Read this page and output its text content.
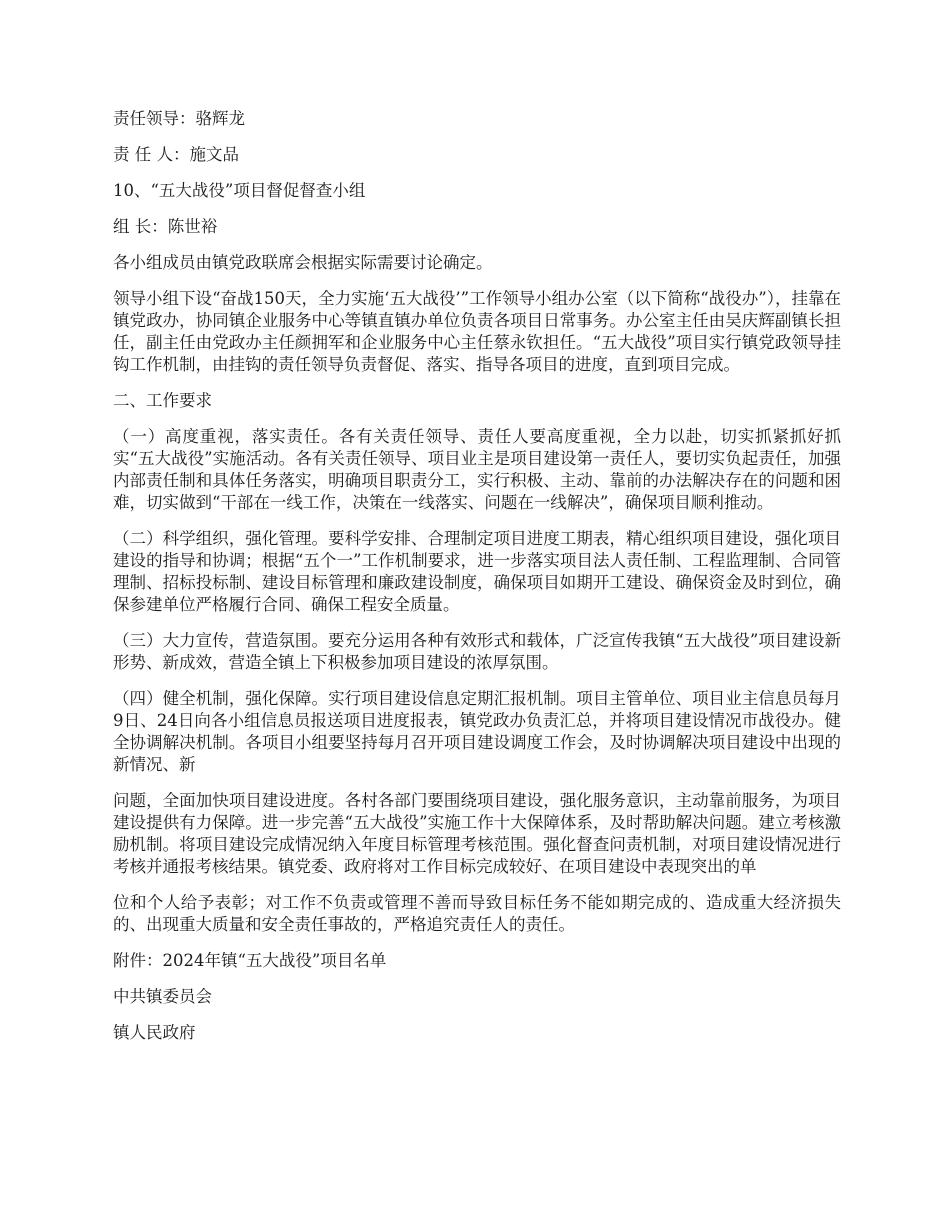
责任领导：骆辉龙

责 任 人：施文品

10、“五大战役”项目督促督查小组

组 长：陈世裕

各小组成员由镇党政联席会根据实际需要讨论确定。

领导小组下设“奋战150天，全力实施‘五大战役’”工作领导小组办公室（以下简称“战役办”），挂靠在镇党政办，协同镇企业服务中心等镇直镇办单位负责各项目日常事务。办公室主任由吴庆辉副镇长担任，副主任由党政办主任颜拥军和企业服务中心主任蔡永钦担任。“五大战役”项目实行镇党政领导挂钩工作机制，由挂钩的责任领导负责督促、落实、指导各项目的进度，直到项目完成。

二、工作要求

（一）高度重视，落实责任。各有关责任领导、责任人要高度重视，全力以赴，切实抓紧抓好抓实“五大战役”实施活动。各有关责任领导、项目业主是项目建设第一责任人，要切实负起责任，加强内部责任制和具体任务落实，明确项目职责分工，实行积极、主动、靠前的办法解决存在的问题和困难，切实做到“干部在一线工作，决策在一线落实、问题在一线解决”，确保项目顺利推动。

（二）科学组织，强化管理。要科学安排、合理制定项目进度工期表，精心组织项目建设，强化项目建设的指导和协调；根据“五个一”工作机制要求，进一步落实项目法人责任制、工程监理制、合同管理制、招标投标制、建设目标管理和廉政建设制度，确保项目如期开工建设、确保资金及时到位，确保参建单位严格履行合同、确保工程安全质量。

（三）大力宣传，营造氛围。要充分运用各种有效形式和载体，广泛宣传我镇“五大战役”项目建设新形势、新成效，营造全镇上下积极参加项目建设的浓厚氛围。

（四）健全机制，强化保障。实行项目建设信息定期汇报机制。项目主管单位、项目业主信息员每月9日、24日向各小组信息员报送项目进度报表，镇党政办负责汇总，并将项目建设情况市战役办。健全协调解决机制。各项目小组要坚持每月召开项目建设调度工作会，及时协调解决项目建设中出现的新情况、新

问题，全面加快项目建设进度。各村各部门要围绕项目建设，强化服务意识，主动靠前服务，为项目建设提供有力保障。进一步完善“五大战役”实施工作十大保障体系，及时帮助解决问题。建立考核激励机制。将项目建设完成情况纳入年度目标管理考核范围。强化督查问责机制，对项目建设情况进行考核并通报考核结果。镇党委、政府将对工作目标完成较好、在项目建设中表现突出的单

位和个人给予表彰；对工作不负责或管理不善而导致目标任务不能如期完成的、造成重大经济损失的、出现重大质量和安全责任事故的，严格追究责任人的责任。

附件：2024年镇“五大战役”项目名单

中共镇委员会

镇人民政府
